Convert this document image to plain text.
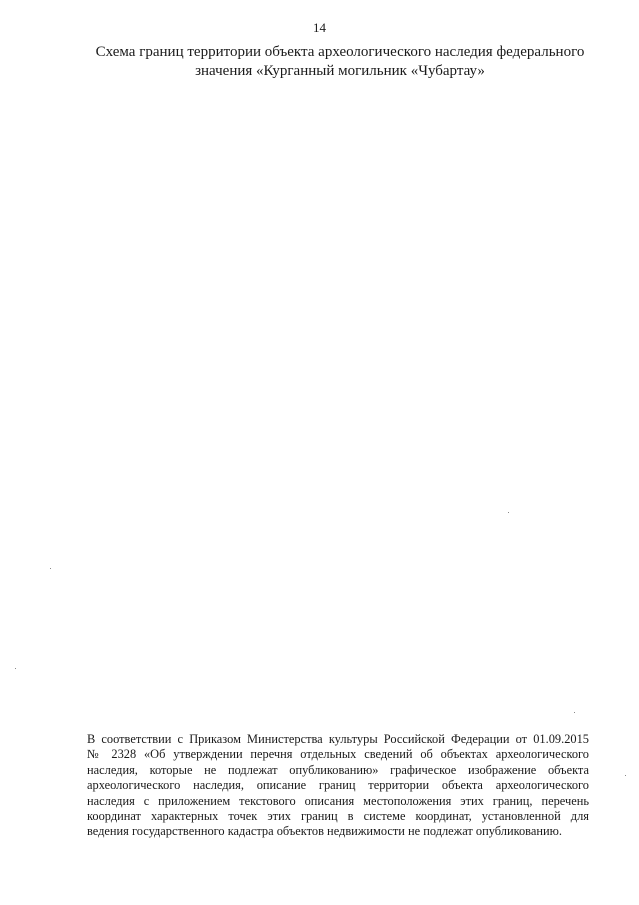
14
Схема границ территории объекта археологического наследия федерального
значения «Курганный могильник «Чубартау»
В соответствии с Приказом Министерства культуры Российской Федерации от 01.09.2015
№ 2328 «Об утверждении перечня отдельных сведений об объектах археологического
наследия, которые не подлежат опубликованию» графическое изображение объекта
археологического наследия, описание границ территории объекта археологического
наследия с приложением текстового описания местоположения этих границ, перечень
координат характерных точек этих границ в системе координат, установленной для
ведения государственного кадастра объектов недвижимости не подлежат опубликованию.
